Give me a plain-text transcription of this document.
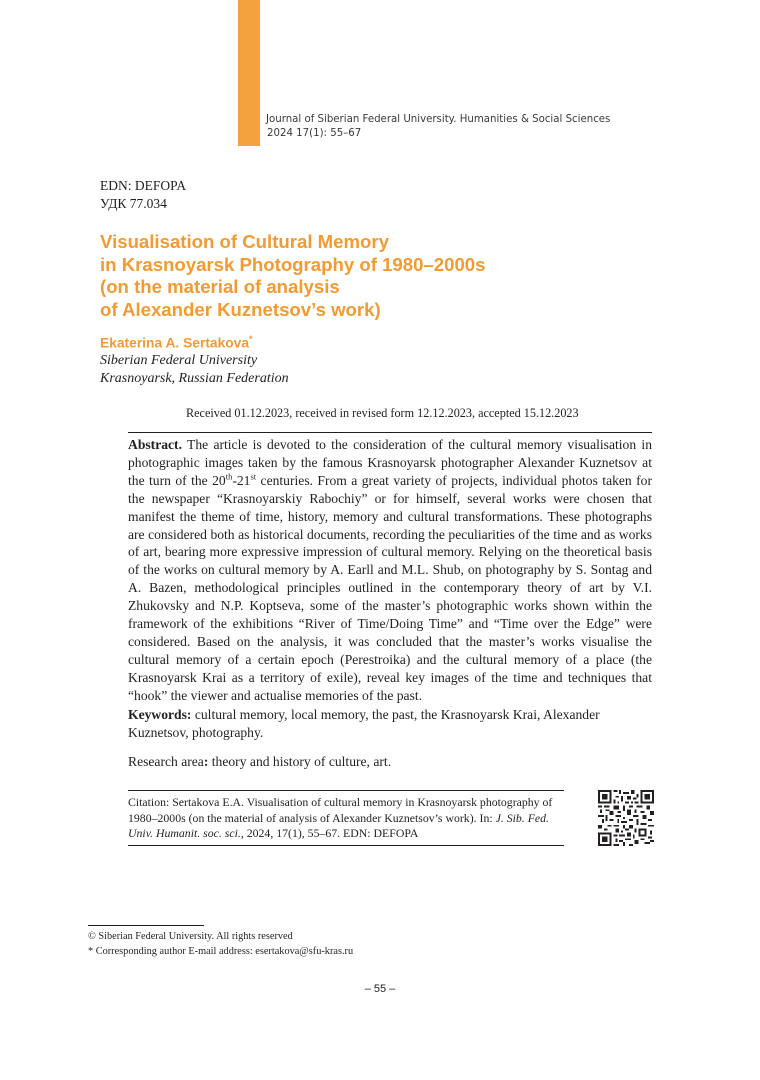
Journal of Siberian Federal University. Humanities & Social Sciences
2024 17(1): 55–67
EDN: DEFOPA
УДК 77.034
Visualisation of Cultural Memory
in Krasnoyarsk Photography of 1980–2000s
(on the material of analysis
of Alexander Kuznetsov’s work)
Ekaterina A. Sertakova*
Siberian Federal University
Krasnoyarsk, Russian Federation
Received 01.12.2023, received in revised form 12.12.2023, accepted 15.12.2023
Abstract. The article is devoted to the consideration of the cultural memory visualisation in photographic images taken by the famous Krasnoyarsk photographer Alexander Kuznetsov at the turn of the 20th-21st centuries. From a great variety of projects, individual photos taken for the newspaper “Krasnoyarskiy Rabochiy” or for himself, several works were chosen that manifest the theme of time, history, memory and cultural transformations. These photographs are considered both as historical documents, recording the peculiarities of the time and as works of art, bearing more expressive impression of cultural memory. Relying on the theoretical basis of the works on cultural memory by A. Earll and M.L. Shub, on photography by S. Sontag and A. Bazen, methodological principles outlined in the contemporary theory of art by V.I. Zhukovsky and N.P. Koptseva, some of the master’s photographic works shown within the framework of the exhibitions “River of Time/Doing Time” and “Time over the Edge” were considered. Based on the analysis, it was concluded that the master’s works visualise the cultural memory of a certain epoch (Perestroika) and the cultural memory of a place (the Krasnoyarsk Krai as a territory of exile), reveal key images of the time and techniques that “hook” the viewer and actualise memories of the past.
Keywords: cultural memory, local memory, the past, the Krasnoyarsk Krai, Alexander Kuznetsov, photography.
Research area: theory and history of culture, art.
Citation: Sertakova E.A. Visualisation of cultural memory in Krasnoyarsk photography of 1980–2000s (on the material of analysis of Alexander Kuznetsov’s work). In: J. Sib. Fed. Univ. Humanit. soc. sci., 2024, 17(1), 55–67. EDN: DEFOPA
© Siberian Federal University. All rights reserved
* Corresponding author E-mail address: esertakova@sfu-kras.ru
– 55 –
